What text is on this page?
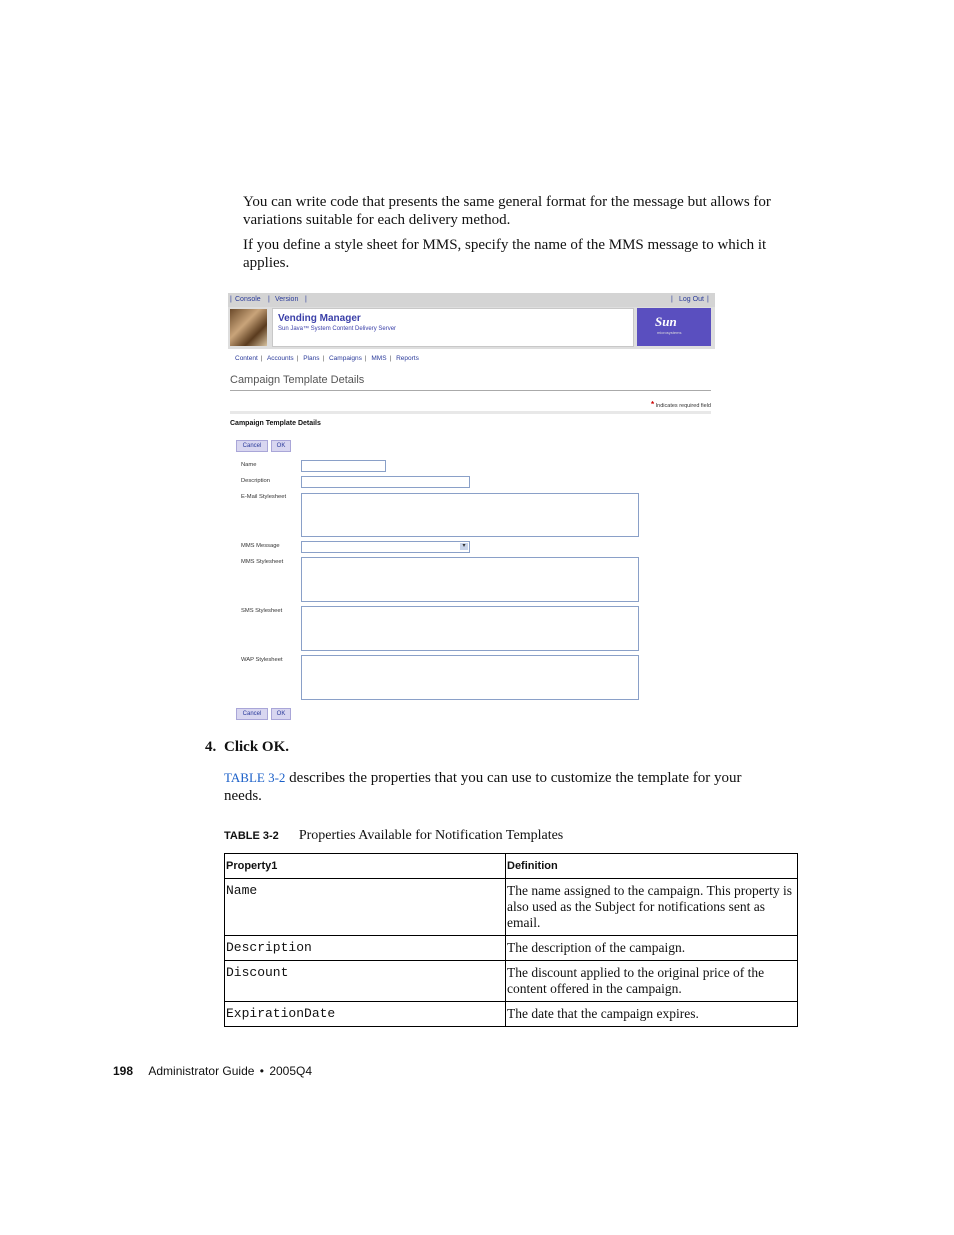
You can write code that presents the same general format for the message but allows for variations suitable for each delivery method.

If you define a style sheet for MMS, specify the name of the MMS message to which it applies.

| Console | Version |	| Log Out |
Vending Manager
Sun Java™ System Content Delivery Server	Sun
microsystems
Content | Accounts | Plans | Campaigns | MMS | Reports
Campaign Template Details
* Indicates required field
Campaign Template Details
Cancel	OK
Name
Description
E-Mail Stylesheet
MMS Message	▾
MMS Stylesheet
SMS Stylesheet
WAP Stylesheet
Cancel	OK
4. Click OK.

TABLE 3-2 describes the properties that you can use to customize the template for your needs.

TABLE 3-2 Properties Available for Notification Templates
Property1	Definition
Name	The name assigned to the campaign. This property is also used as the Subject for notifications sent as email.
Description	The description of the campaign.
Discount	The discount applied to the original price of the content offered in the campaign.
ExpirationDate	The date that the campaign expires.
198 Administrator Guide • 2005Q4
